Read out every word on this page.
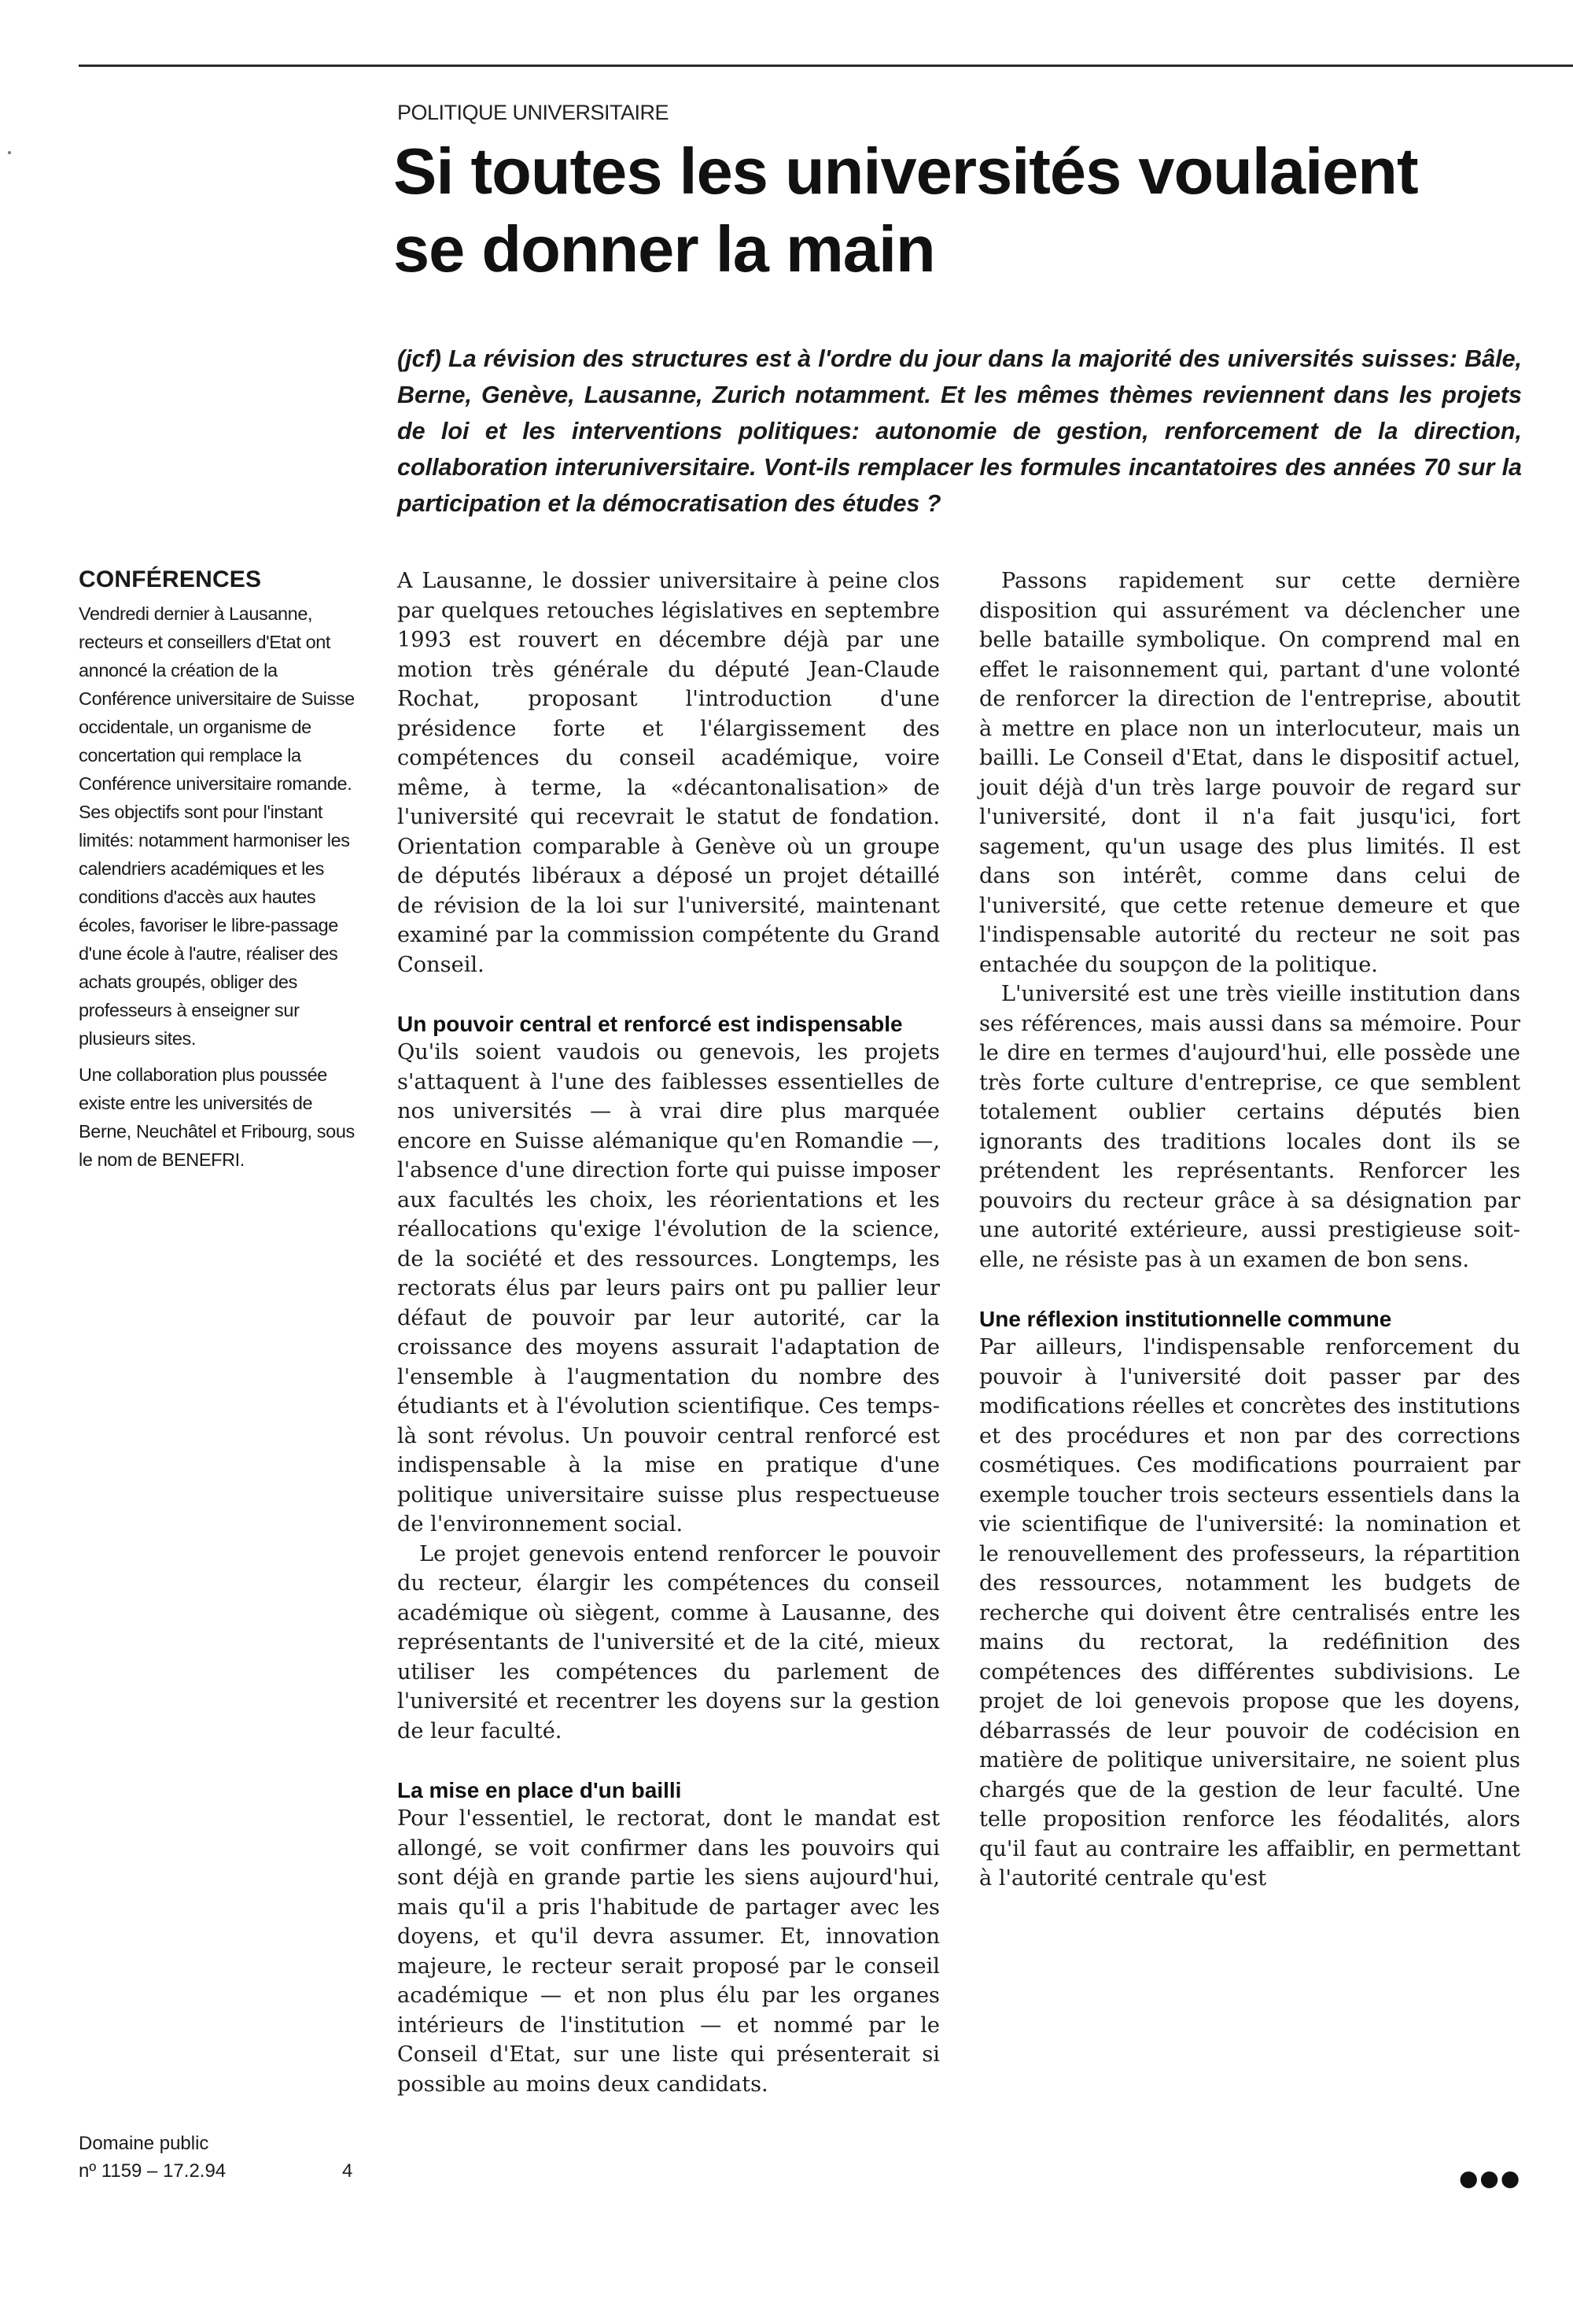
POLITIQUE UNIVERSITAIRE
Si toutes les universités voulaient se donner la main

(jcf) La révision des structures est à l'ordre du jour dans la majorité des universités suisses: Bâle, Berne, Genève, Lausanne, Zurich notamment. Et les mêmes thèmes reviennent dans les projets de loi et les interventions politiques: autonomie de gestion, renforcement de la direction, collaboration interuniversitaire. Vont-ils remplacer les formules incantatoires des années 70 sur la participation et la démocratisation des études ?

CONFÉRENCES

Vendredi dernier à Lausanne, recteurs et conseillers d'Etat ont annoncé la création de la Conférence universitaire de Suisse occidentale, un organisme de concertation qui remplace la Conférence universitaire romande. Ses objectifs sont pour l'instant limités: notamment harmoniser les calendriers académiques et les conditions d'accès aux hautes écoles, favoriser le libre-passage d'une école à l'autre, réaliser des achats groupés, obliger des professeurs à enseigner sur plusieurs sites.

Une collaboration plus poussée existe entre les universités de Berne, Neuchâtel et Fribourg, sous le nom de BENEFRI.

Domaine public
nº 1159 – 17.2.94	4

A Lausanne, le dossier universitaire à peine clos par quelques retouches législatives en septembre 1993 est rouvert en décembre déjà par une motion très générale du député Jean-Claude Rochat, proposant l'introduction d'une présidence forte et l'élargissement des compétences du conseil académique, voire même, à terme, la «décantonalisation» de l'université qui recevrait le statut de fondation. Orientation comparable à Genève où un groupe de députés libéraux a déposé un projet détaillé de révision de la loi sur l'université, maintenant examiné par la commission compétente du Grand Conseil.

Un pouvoir central et renforcé est indispensable

Qu'ils soient vaudois ou genevois, les projets s'attaquent à l'une des faiblesses essentielles de nos universités — à vrai dire plus marquée encore en Suisse alémanique qu'en Romandie —, l'absence d'une direction forte qui puisse imposer aux facultés les choix, les réorientations et les réallocations qu'exige l'évolution de la science, de la société et des ressources. Longtemps, les rectorats élus par leurs pairs ont pu pallier leur défaut de pouvoir par leur autorité, car la croissance des moyens assurait l'adaptation de l'ensemble à l'augmentation du nombre des étudiants et à l'évolution scientifique. Ces temps-là sont révolus. Un pouvoir central renforcé est indispensable à la mise en pratique d'une politique universitaire suisse plus respectueuse de l'environnement social.

Le projet genevois entend renforcer le pouvoir du recteur, élargir les compétences du conseil académique où siègent, comme à Lausanne, des représentants de l'université et de la cité, mieux utiliser les compétences du parlement de l'université et recentrer les doyens sur la gestion de leur faculté.

La mise en place d'un bailli

Pour l'essentiel, le rectorat, dont le mandat est allongé, se voit confirmer dans les pouvoirs qui sont déjà en grande partie les siens aujourd'hui, mais qu'il a pris l'habitude de partager avec les doyens, et qu'il devra assumer. Et, innovation majeure, le recteur serait proposé par le conseil académique — et non plus élu par les organes intérieurs de l'institution — et nommé par le Conseil d'Etat, sur une liste qui présenterait si possible au moins deux candidats.

Passons rapidement sur cette dernière disposition qui assurément va déclencher une belle bataille symbolique. On comprend mal en effet le raisonnement qui, partant d'une volonté de renforcer la direction de l'entreprise, aboutit à mettre en place non un interlocuteur, mais un bailli. Le Conseil d'Etat, dans le dispositif actuel, jouit déjà d'un très large pouvoir de regard sur l'université, dont il n'a fait jusqu'ici, fort sagement, qu'un usage des plus limités. Il est dans son intérêt, comme dans celui de l'université, que cette retenue demeure et que l'indispensable autorité du recteur ne soit pas entachée du soupçon de la politique.

L'université est une très vieille institution dans ses références, mais aussi dans sa mémoire. Pour le dire en termes d'aujourd'hui, elle possède une très forte culture d'entreprise, ce que semblent totalement oublier certains députés bien ignorants des traditions locales dont ils se prétendent les représentants. Renforcer les pouvoirs du recteur grâce à sa désignation par une autorité extérieure, aussi prestigieuse soit-elle, ne résiste pas à un examen de bon sens.

Une réflexion institutionnelle commune

Par ailleurs, l'indispensable renforcement du pouvoir à l'université doit passer par des modifications réelles et concrètes des institutions et des procédures et non par des corrections cosmétiques. Ces modifications pourraient par exemple toucher trois secteurs essentiels dans la vie scientifique de l'université: la nomination et le renouvellement des professeurs, la répartition des ressources, notamment les budgets de recherche qui doivent être centralisés entre les mains du rectorat, la redéfinition des compétences des différentes subdivisions. Le projet de loi genevois propose que les doyens, débarrassés de leur pouvoir de codécision en matière de politique universitaire, ne soient plus chargés que de la gestion de leur faculté. Une telle proposition renforce les féodalités, alors qu'il faut au contraire les affaiblir, en permettant à l'autorité centrale qu'est

●●●
